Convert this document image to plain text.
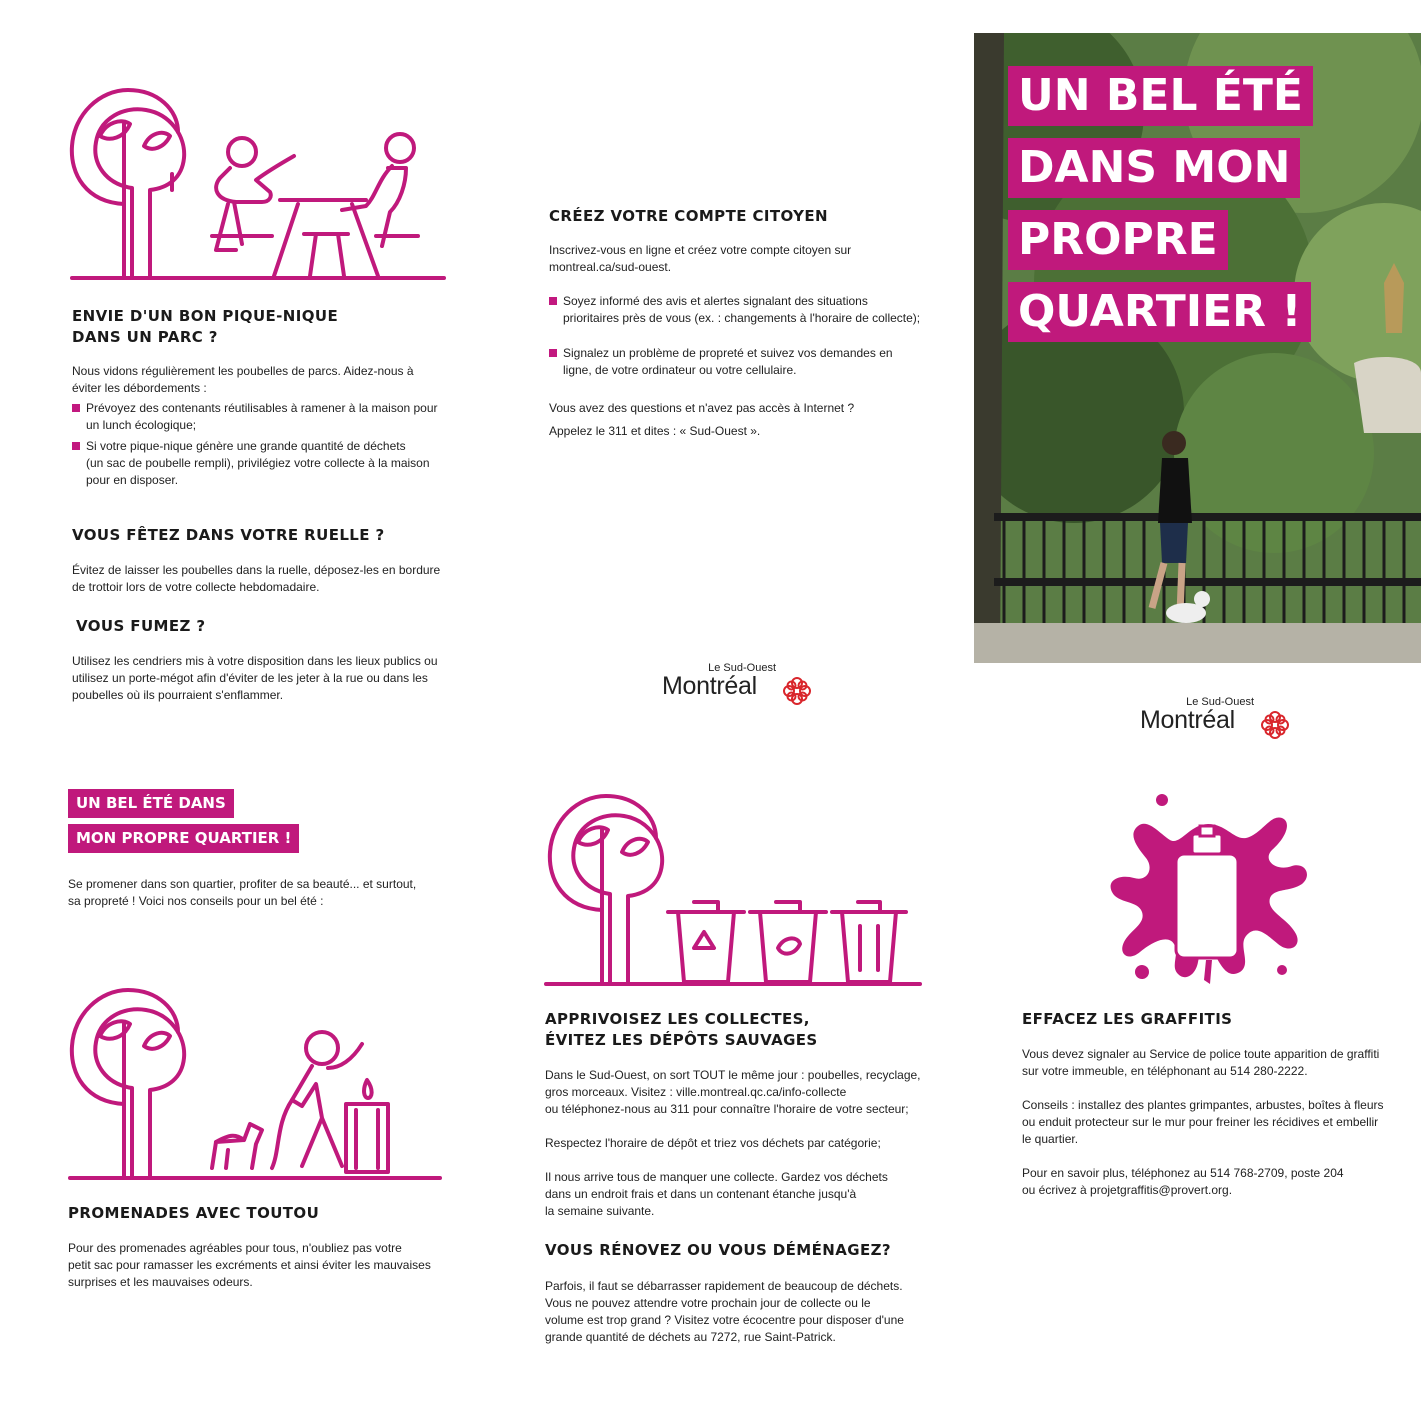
ENVIE D'UN BON PIQUE-NIQUE
DANS UN PARC ?

Nous vidons régulièrement les poubelles de parcs. Aidez-nous à
éviter les débordements :

Prévoyez des contenants réutilisables à ramener à la maison pour
un lunch écologique;
Si votre pique-nique génère une grande quantité de déchets
(un sac de poubelle rempli), privilégiez votre collecte à la maison
pour en disposer.

VOUS FÊTEZ DANS VOTRE RUELLE ?

Évitez de laisser les poubelles dans la ruelle, déposez-les en bordure
de trottoir lors de votre collecte hebdomadaire.

VOUS FUMEZ ?

Utilisez les cendriers mis à votre disposition dans les lieux publics ou
utilisez un porte-mégot afin d'éviter de les jeter à la rue ou dans les
poubelles où ils pourraient s'enflammer.

CRÉEZ VOTRE COMPTE CITOYEN

Inscrivez-vous en ligne et créez votre compte citoyen sur
montreal.ca/sud-ouest.

Soyez informé des avis et alertes signalant des situations
prioritaires près de vous (ex. : changements à l'horaire de collecte);
Signalez un problème de propreté et suivez vos demandes en
ligne, de votre ordinateur ou votre cellulaire.

Vous avez des questions et n'avez pas accès à Internet ?
Appelez le 311 et dites : « Sud-Ouest ».

Le Sud-Ouest
Montréal
UN BEL ÉTÉ
DANS MON
PROPRE
QUARTIER !
Le Sud-Ouest
Montréal
UN BEL ÉTÉ DANS
MON PROPRE QUARTIER !

Se promener dans son quartier, profiter de sa beauté... et surtout,
sa propreté ! Voici nos conseils pour un bel été :

PROMENADES AVEC TOUTOU

Pour des promenades agréables pour tous, n'oubliez pas votre
petit sac pour ramasser les excréments et ainsi éviter les mauvaises
surprises et les mauvaises odeurs.

APPRIVOISEZ LES COLLECTES,
ÉVITEZ LES DÉPÔTS SAUVAGES

Dans le Sud-Ouest, on sort TOUT le même jour : poubelles, recyclage,
gros morceaux. Visitez : ville.montreal.qc.ca/info-collecte
ou téléphonez-nous au 311 pour connaître l'horaire de votre secteur;

Respectez l'horaire de dépôt et triez vos déchets par catégorie;

Il nous arrive tous de manquer une collecte. Gardez vos déchets
dans un endroit frais et dans un contenant étanche jusqu'à
la semaine suivante.

VOUS RÉNOVEZ OU VOUS DÉMÉNAGEZ?

Parfois, il faut se débarrasser rapidement de beaucoup de déchets.
Vous ne pouvez attendre votre prochain jour de collecte ou le
volume est trop grand ? Visitez votre écocentre pour disposer d'une
grande quantité de déchets au 7272, rue Saint-Patrick.

EFFACEZ LES GRAFFITIS

Vous devez signaler au Service de police toute apparition de graffiti
sur votre immeuble, en téléphonant au 514 280-2222.

Conseils : installez des plantes grimpantes, arbustes, boîtes à fleurs
ou enduit protecteur sur le mur pour freiner les récidives et embellir
le quartier.

Pour en savoir plus, téléphonez au 514 768-2709, poste 204
ou écrivez à projetgraffitis@provert.org.
